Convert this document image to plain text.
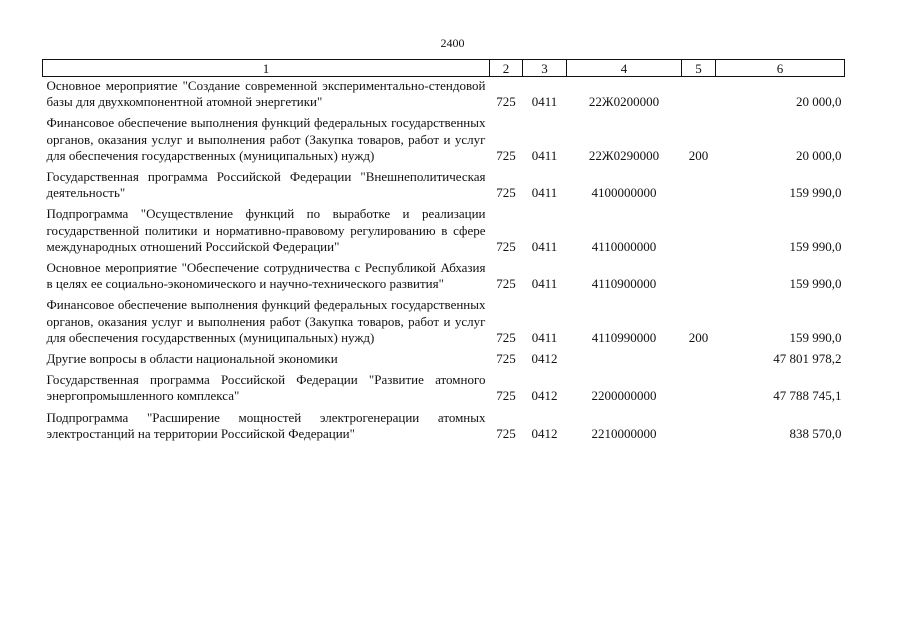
2400
1	2	3	4	5	6
Основное мероприятие "Создание современной экспериментально-стендовой базы для двухкомпонентной атомной энергетики"	725	0411	22Ж0200000		20 000,0
Финансовое обеспечение выполнения функций федеральных государственных органов, оказания услуг и выполнения работ (Закупка товаров, работ и услуг для обеспечения государственных (муниципальных) нужд)	725	0411	22Ж0290000	200	20 000,0
Государственная программа Российской Федерации "Внешнеполитическая деятельность"	725	0411	4100000000		159 990,0
Подпрограмма "Осуществление функций по выработке и реализации государственной политики и нормативно-правовому регулированию в сфере международных отношений Российской Федерации"	725	0411	4110000000		159 990,0
Основное мероприятие "Обеспечение сотрудничества с Республикой Абхазия в целях ее социально-экономического и научно-технического развития"	725	0411	4110900000		159 990,0
Финансовое обеспечение выполнения функций федеральных государственных органов, оказания услуг и выполнения работ (Закупка товаров, работ и услуг для обеспечения государственных (муниципальных) нужд)	725	0411	4110990000	200	159 990,0
Другие вопросы в области национальной экономики	725	0412			47 801 978,2
Государственная программа Российской Федерации "Развитие атомного энергопромышленного комплекса"	725	0412	2200000000		47 788 745,1
Подпрограмма "Расширение мощностей электрогенерации атомных электростанций на территории Российской Федерации"	725	0412	2210000000		838 570,0
